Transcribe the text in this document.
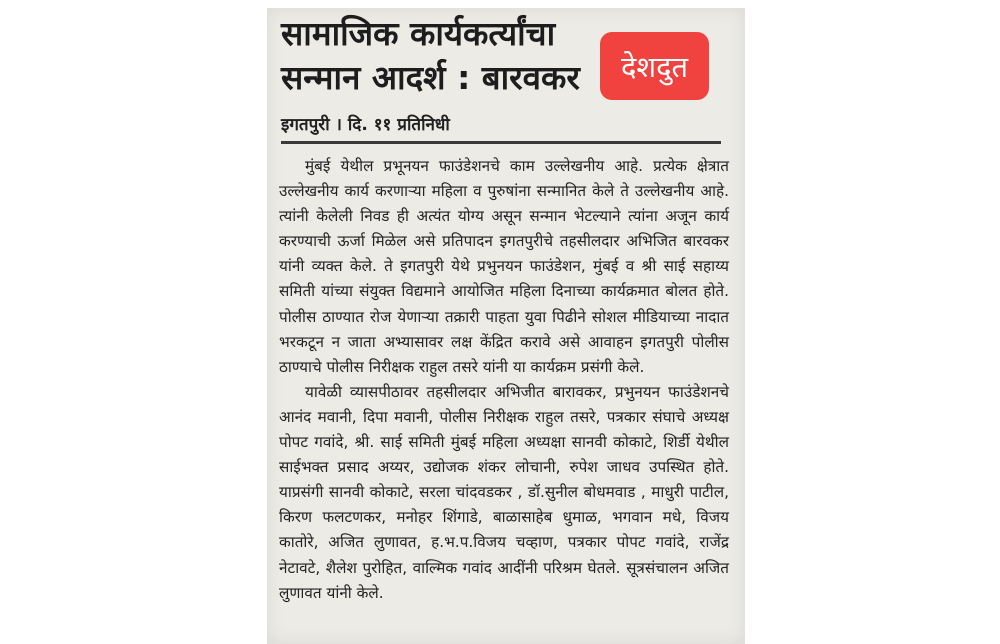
सामाजिक कार्यकर्त्यांचा
सन्मान आदर्श : बारवकर	देशदुत
इगतपुरी । दि. ११ प्रतिनिधी

मुंबई येथील प्रभूनयन फाउंडेशनचे काम उल्लेखनीय आहे. प्रत्येक क्षेत्रात उल्लेखनीय कार्य करणाऱ्या महिला व पुरुषांना सन्मानित केले ते उल्लेखनीय आहे. त्यांनी केलेली निवड ही अत्यंत योग्य असून सन्मान भेटल्याने त्यांना अजून कार्य करण्याची ऊर्जा मिळेल असे प्रतिपादन इगतपुरीचे तहसीलदार अभिजित बारवकर यांनी व्यक्त केले. ते इगतपुरी येथे प्रभुनयन फाउंडेशन, मुंबई व श्री साई सहाय्य समिती यांच्या संयुक्त विद्यमाने आयोजित महिला दिनाच्या कार्यक्रमात बोलत होते. पोलीस ठाण्यात रोज येणाऱ्या तक्रारी पाहता युवा पिढीने सोशल मीडियाच्या नादात भरकटून न जाता अभ्यासावर लक्ष केंद्रित करावे असे आवाहन इगतपुरी पोलीस ठाण्याचे पोलीस निरीक्षक राहुल तसरे यांनी या कार्यक्रम प्रसंगी केले.

यावेळी व्यासपीठावर तहसीलदार अभिजीत बारावकर, प्रभुनयन फाउंडेशनचे आनंद मवानी, दिपा मवानी, पोलीस निरीक्षक राहुल तसरे, पत्रकार संघाचे अध्यक्ष पोपट गवांदे, श्री. साई समिती मुंबई महिला अध्यक्षा सानवी कोकाटे, शिर्डी येथील साईभक्त प्रसाद अय्यर, उद्योजक शंकर लोचानी, रुपेश जाधव उपस्थित होते. याप्रसंगी सानवी कोकाटे, सरला चांदवडकर , डॉ.सुनील बोधमवाड , माधुरी पाटील, किरण फलटणकर, मनोहर शिंगाडे, बाळासाहेब धुमाळ, भगवान मधे, विजय कातोरे, अजित लुणावत, ह.भ.प.विजय चव्हाण, पत्रकार पोपट गवांदे, राजेंद्र नेटावटे, शैलेश पुरोहित, वाल्मिक गवांद आदींनी परिश्रम घेतले. सूत्रसंचालन अजित लुणावत यांनी केले.
